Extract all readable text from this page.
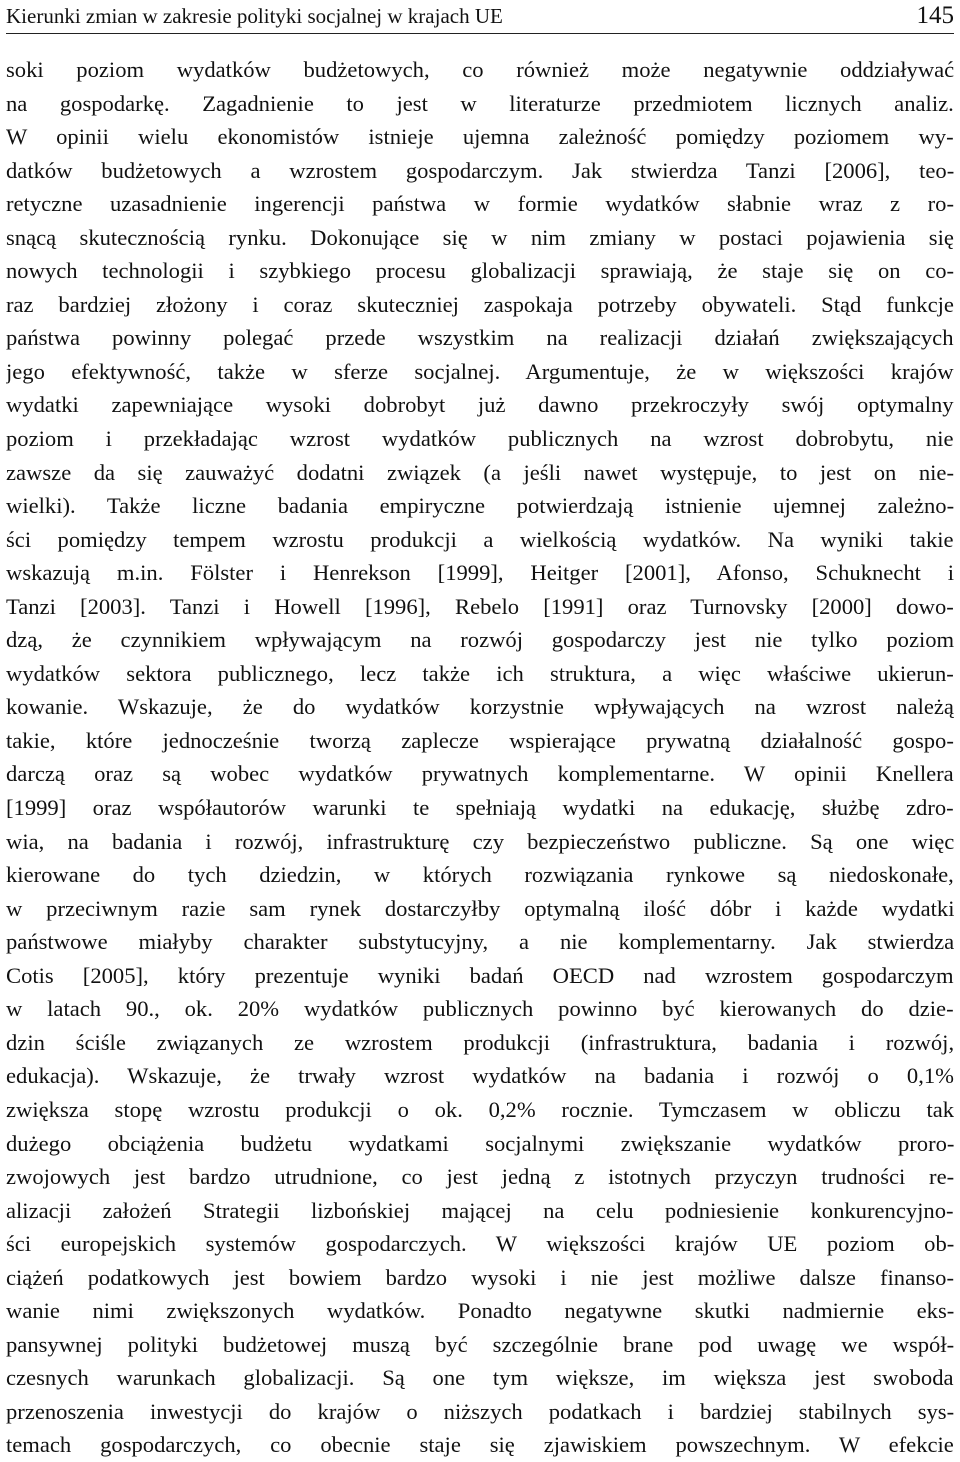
Kierunki zmian w zakresie polityki socjalnej w krajach UE	145
soki poziom wydatków budżetowych, co również może negatywnie oddziaływać
na gospodarkę. Zagadnienie to jest w literaturze przedmiotem licznych analiz.
W opinii wielu ekonomistów istnieje ujemna zależność pomiędzy poziomem wy-
datków budżetowych a wzrostem gospodarczym. Jak stwierdza Tanzi [2006], teo-
retyczne uzasadnienie ingerencji państwa w formie wydatków słabnie wraz z ro-
snącą skutecznością rynku. Dokonujące się w nim zmiany w postaci pojawienia się
nowych technologii i szybkiego procesu globalizacji sprawiają, że staje się on co-
raz bardziej złożony i coraz skuteczniej zaspokaja potrzeby obywateli. Stąd funkcje
państwa powinny polegać przede wszystkim na realizacji działań zwiększających
jego efektywność, także w sferze socjalnej. Argumentuje, że w większości krajów
wydatki zapewniające wysoki dobrobyt już dawno przekroczyły swój optymalny
poziom i przekładając wzrost wydatków publicznych na wzrost dobrobytu, nie
zawsze da się zauważyć dodatni związek (a jeśli nawet występuje, to jest on nie-
wielki). Także liczne badania empiryczne potwierdzają istnienie ujemnej zależno-
ści pomiędzy tempem wzrostu produkcji a wielkością wydatków. Na wyniki takie
wskazują m.in. Fölster i Henrekson [1999], Heitger [2001], Afonso, Schuknecht i
Tanzi [2003]. Tanzi i Howell [1996], Rebelo [1991] oraz Turnovsky [2000] dowo-
dzą, że czynnikiem wpływającym na rozwój gospodarczy jest nie tylko poziom
wydatków sektora publicznego, lecz także ich struktura, a więc właściwe ukierun-
kowanie. Wskazuje, że do wydatków korzystnie wpływających na wzrost należą
takie, które jednocześnie tworzą zaplecze wspierające prywatną działalność gospo-
darczą oraz są wobec wydatków prywatnych komplementarne. W opinii Knellera
[1999] oraz współautorów warunki te spełniają wydatki na edukację, służbę zdro-
wia, na badania i rozwój, infrastrukturę czy bezpieczeństwo publiczne. Są one więc
kierowane do tych dziedzin, w których rozwiązania rynkowe są niedoskonałe,
w przeciwnym razie sam rynek dostarczyłby optymalną ilość dóbr i każde wydatki
państwowe miałyby charakter substytucyjny, a nie komplementarny. Jak stwierdza
Cotis [2005], który prezentuje wyniki badań OECD nad wzrostem gospodarczym
w latach 90., ok. 20% wydatków publicznych powinno być kierowanych do dzie-
dzin ściśle związanych ze wzrostem produkcji (infrastruktura, badania i rozwój,
edukacja). Wskazuje, że trwały wzrost wydatków na badania i rozwój o 0,1%
zwiększa stopę wzrostu produkcji o ok. 0,2% rocznie. Tymczasem w obliczu tak
dużego obciążenia budżetu wydatkami socjalnymi zwiększanie wydatków proro-
zwojowych jest bardzo utrudnione, co jest jedną z istotnych przyczyn trudności re-
alizacji założeń Strategii lizbońskiej mającej na celu podniesienie konkurencyjno-
ści europejskich systemów gospodarczych. W większości krajów UE poziom ob-
ciążeń podatkowych jest bowiem bardzo wysoki i nie jest możliwe dalsze finanso-
wanie nimi zwiększonych wydatków. Ponadto negatywne skutki nadmiernie eks-
pansywnej polityki budżetowej muszą być szczególnie brane pod uwagę we współ-
czesnych warunkach globalizacji. Są one tym większe, im większa jest swoboda
przenoszenia inwestycji do krajów o niższych podatkach i bardziej stabilnych sys-
temach gospodarczych, co obecnie staje się zjawiskiem powszechnym. W efekcie
